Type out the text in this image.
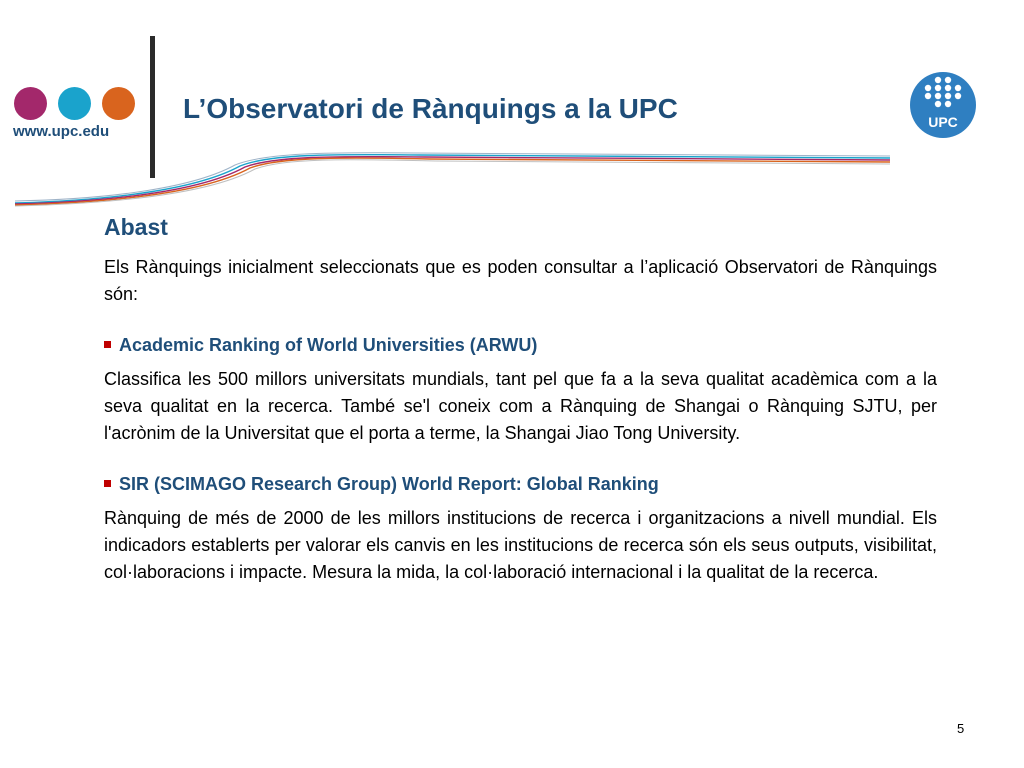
www.upc.edu
L’Observatori de Rànquings a la UPC	UPC
Abast

Els Rànquings inicialment seleccionats que es poden consultar a l’aplicació Observatori de Rànquings són:

Academic Ranking of World Universities (ARWU)

Classifica les 500 millors universitats mundials, tant pel que fa a la seva qualitat acadèmica com a la seva qualitat en la recerca. També se'l coneix com a Rànquing de Shangai o Rànquing SJTU, per l'acrònim de la Universitat que el porta a terme, la Shangai Jiao Tong University.

SIR (SCIMAGO Research Group) World Report: Global Ranking

Rànquing de més de 2000 de les millors institucions de recerca i organitzacions a nivell mundial. Els indicadors establerts per valorar els canvis en les institucions de recerca són els seus outputs, visibilitat, col·laboracions i impacte. Mesura la mida, la col·laboració internacional i la qualitat de la recerca.

5
